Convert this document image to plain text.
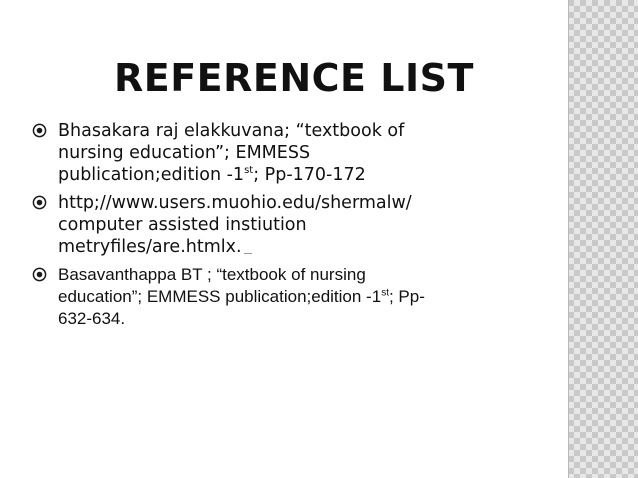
REFERENCE LIST
Bhasakara raj elakkuvana; “textbook of
nursing education”; EMMESS
publication;edition -1st; Pp-170-172
http;//www.users.muohio.edu/shermalw/
computer assisted instiution
metryfiles/are.htmlx.
Basavanthappa BT ; “textbook of nursing
education”; EMMESS publication;edition -1st; Pp-
632-634.
